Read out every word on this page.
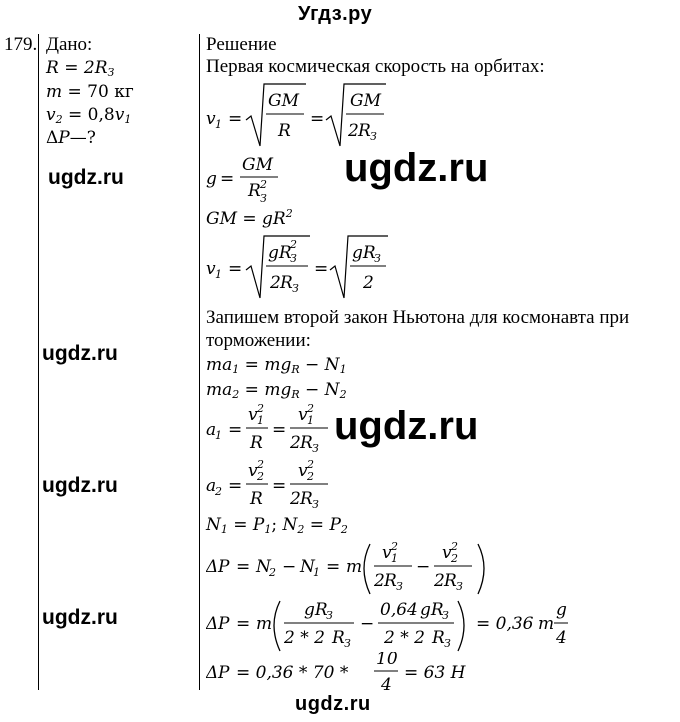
Угдз.ру
179. Дано:
$R = 2R_З$
m = 70 кг
$v_2 = 0,8v_1$
ΔP—?
Решение
Первая космическая скорость на орбитах:
v 1 =
GM
R
=
GM
2 R З
g =
GM
R З
2
GM = $gR^2$
v 1 =
gR
З
2
2 R З
=
gR
З
2
Запишем второй закон Ньютона для космонавта при
торможении:
$ma_1 = mg_R - N_1$
$ma_2 = mg_R - N_2$
a
1 =
v 1
2
R
=
v 1
2
2 R З
a
2 =
v 2
2
R
=
v 2
2
2 R З
$N_1 = P_1$; $N_2 = P_2$
Δ P = N
2 − N
1 = m
v 1
2
2 R З
−
v 2
2
2 R З
Δ P = m
gR
З
2 * 2 R З
−
0,64 gR
З
2 * 2 R З
= 0,36 m
g
4
Δ P = 0,36 * 70 *
10
4
= 63 Н
ugdz.ru	ugdz.ru
ugdz.ru
ugdz.ru
ugdz.ru
ugdz.ru
ugdz.ru
